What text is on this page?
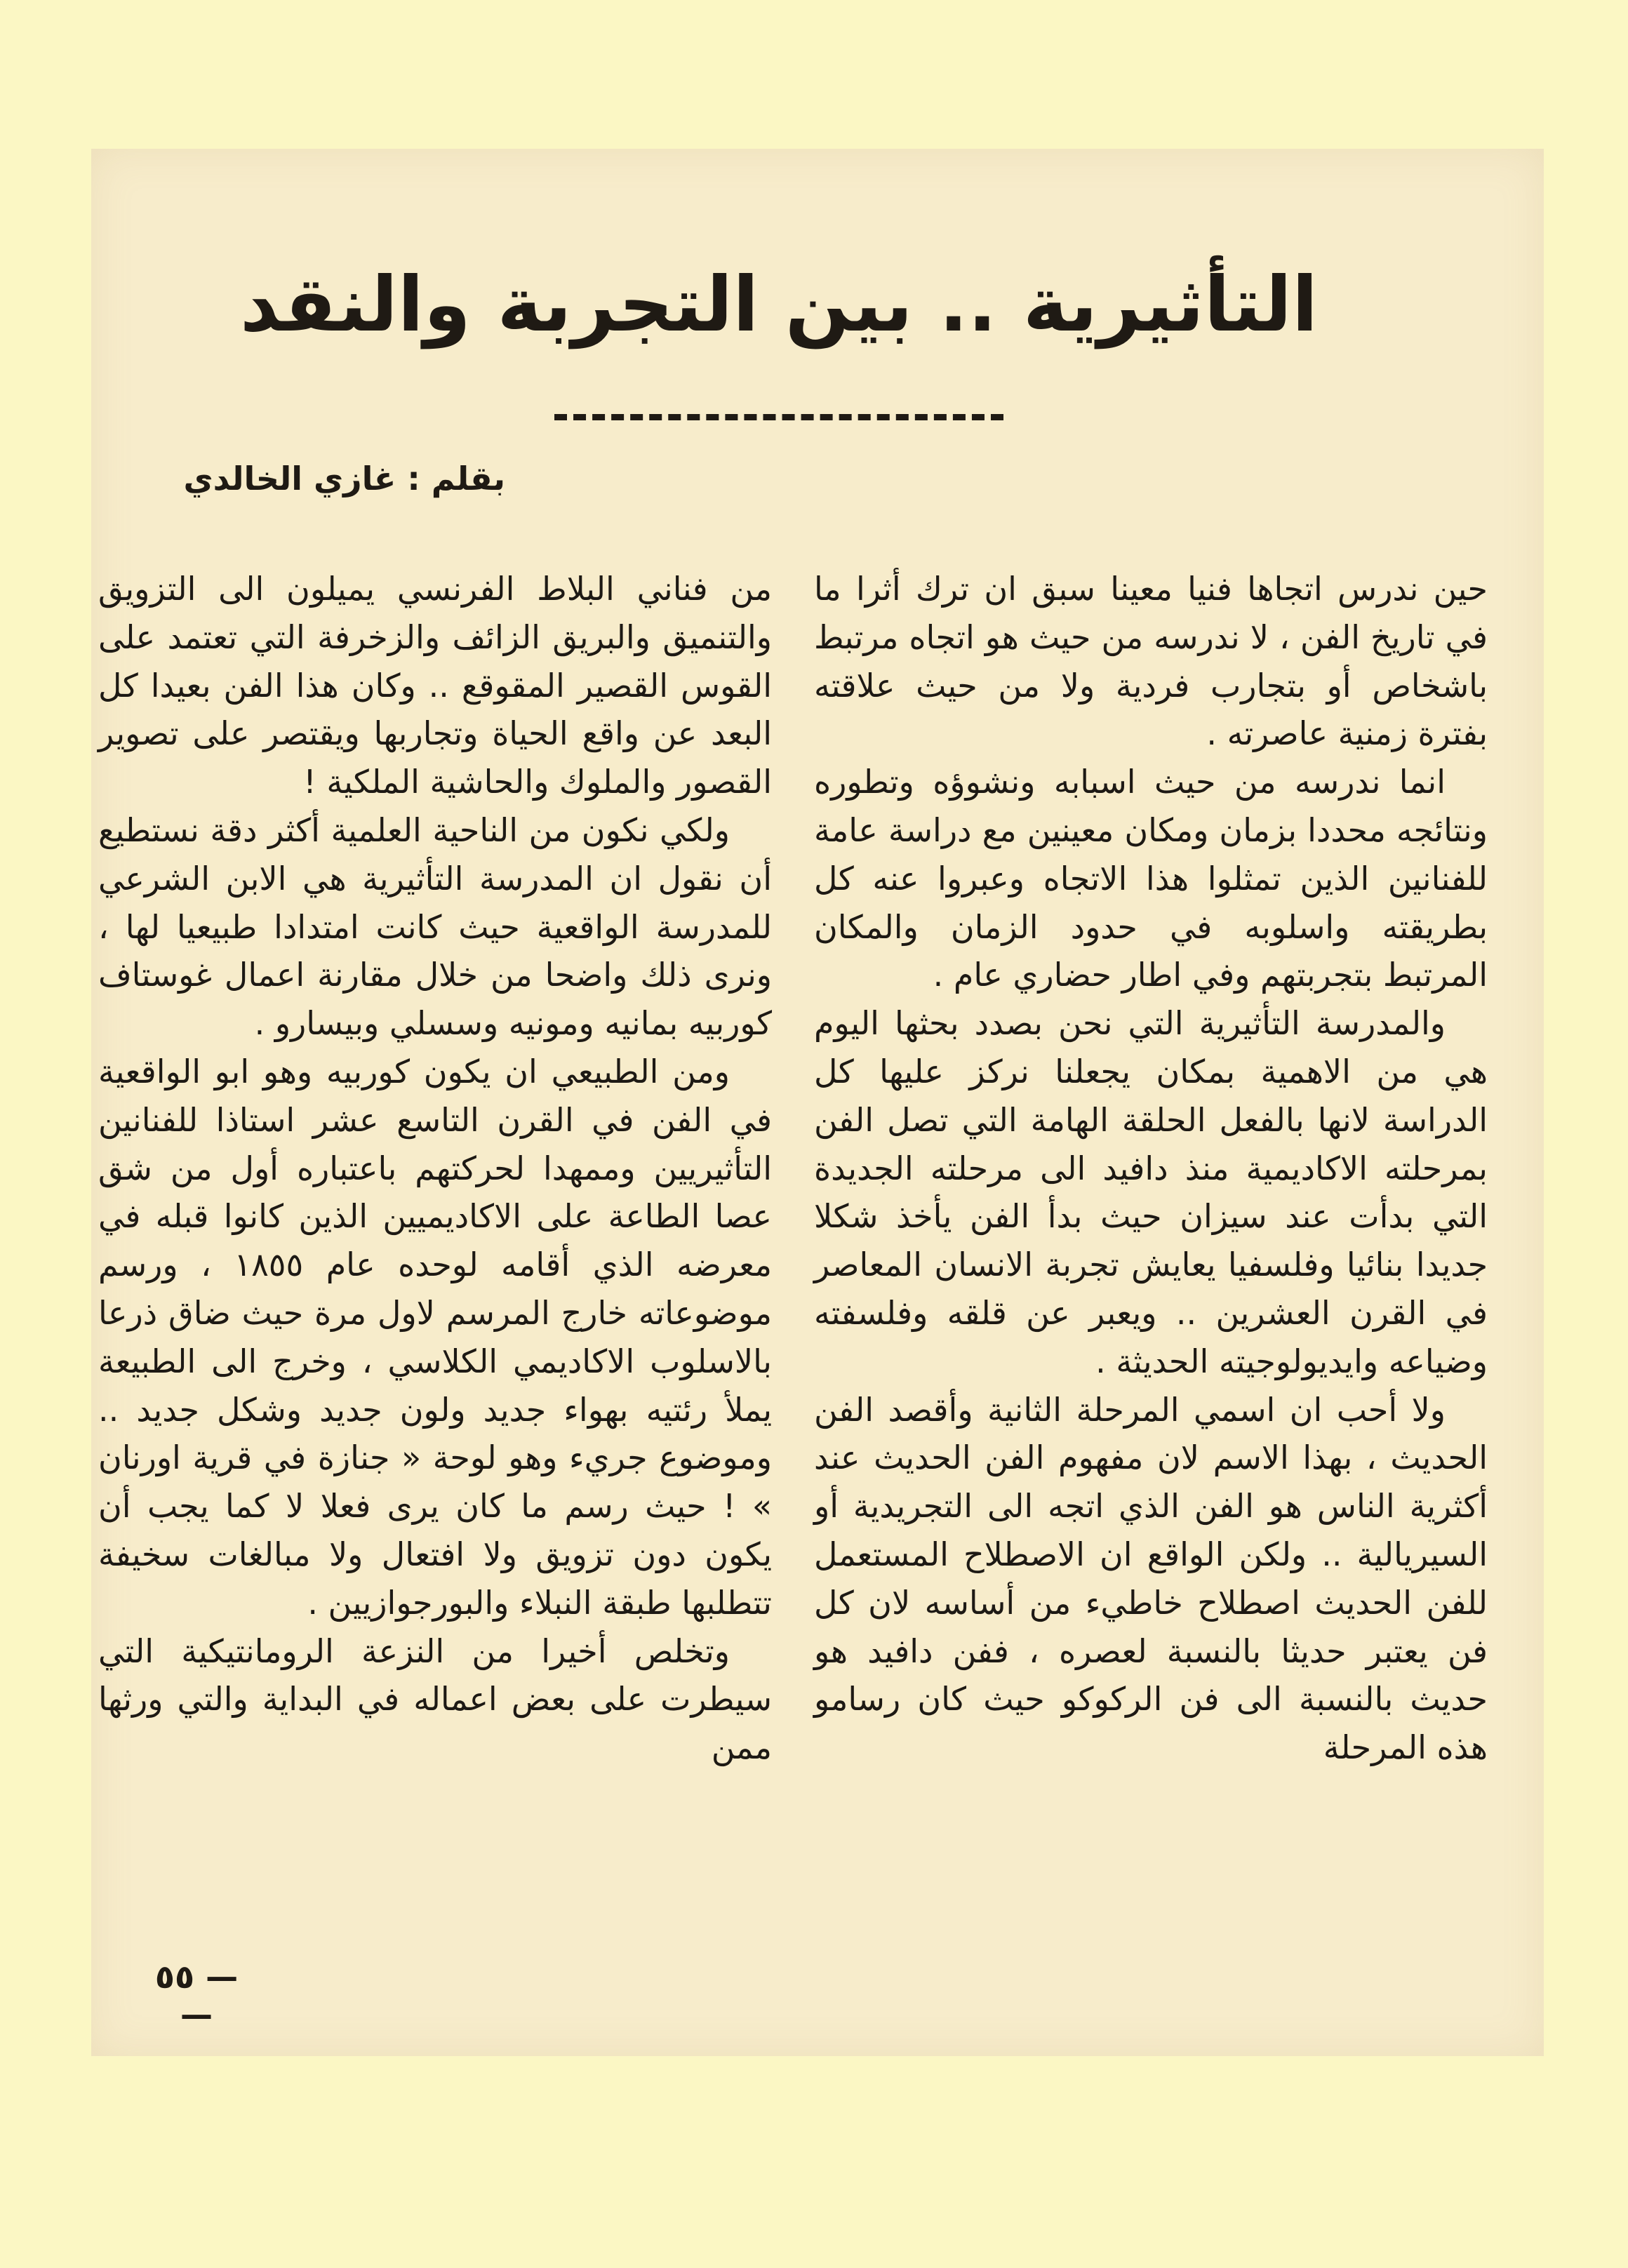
التأثيرية .. بين التجربة والنقد
بقلم : غازي الخالدي

حين ندرس اتجاها فنيا معينا سبق ان ترك أثرا ما في تاريخ الفن ، لا ندرسه من حيث هو اتجاه مرتبط باشخاص أو بتجارب فردية ولا من حيث علاقته بفترة زمنية عاصرته .

انما ندرسه من حيث اسبابه ونشوؤه وتطوره ونتائجه محددا بزمان ومكان معينين مع دراسة عامة للفنانين الذين تمثلوا هذا الاتجاه وعبروا عنه كل بطريقته واسلوبه في حدود الزمان والمكان المرتبط بتجربتهم وفي اطار حضاري عام .

والمدرسة التأثيرية التي نحن بصدد بحثها اليوم هي من الاهمية بمكان يجعلنا نركز عليها كل الدراسة لانها بالفعل الحلقة الهامة التي تصل الفن بمرحلته الاكاديمية منذ دافيد الى مرحلته الجديدة التي بدأت عند سيزان حيث بدأ الفن يأخذ شكلا جديدا بنائيا وفلسفيا يعايش تجربة الانسان المعاصر في القرن العشرين .. ويعبر عن قلقه وفلسفته وضياعه وايديولوجيته الحديثة .

ولا أحب ان اسمي المرحلة الثانية وأقصد الفن الحديث ، بهذا الاسم لان مفهوم الفن الحديث عند أكثرية الناس هو الفن الذي اتجه الى التجريدية أو السيريالية .. ولكن الواقع ان الاصطلاح المستعمل للفن الحديث اصطلاح خاطيء من أساسه لان كل فن يعتبر حديثا بالنسبة لعصره ، ففن دافيد هو حديث بالنسبة الى فن الركوكو حيث كان رسامو هذه المرحلة

من فناني البلاط الفرنسي يميلون الى التزويق والتنميق والبريق الزائف والزخرفة التي تعتمد على القوس القصير المقوقع .. وكان هذا الفن بعيدا كل البعد عن واقع الحياة وتجاربها ويقتصر على تصوير القصور والملوك والحاشية الملكية !

ولكي نكون من الناحية العلمية أكثر دقة نستطيع أن نقول ان المدرسة التأثيرية هي الابن الشرعي للمدرسة الواقعية حيث كانت امتدادا طبيعيا لها ، ونرى ذلك واضحا من خلال مقارنة اعمال غوستاف كوربيه بمانيه ومونيه وسسلي وبيسارو .

ومن الطبيعي ان يكون كوربيه وهو ابو الواقعية في الفن في القرن التاسع عشر استاذا للفنانين التأثيريين وممهدا لحركتهم باعتباره أول من شق عصا الطاعة على الاكاديميين الذين كانوا قبله في معرضه الذي أقامه لوحده عام ١٨٥٥ ، ورسم موضوعاته خارج المرسم لاول مرة حيث ضاق ذرعا بالاسلوب الاكاديمي الكلاسي ، وخرج الى الطبيعة يملأ رئتيه بهواء جديد ولون جديد وشكل جديد .. وموضوع جريء وهو لوحة « جنازة في قرية اورنان » ! حيث رسم ما كان يرى فعلا لا كما يجب أن يكون دون تزويق ولا افتعال ولا مبالغات سخيفة تتطلبها طبقة النبلاء والبورجوازيين .

وتخلص أخيرا من النزعة الرومانتيكية التي سيطرت على بعض اعماله في البداية والتي ورثها ممن

— ٥٥ —
